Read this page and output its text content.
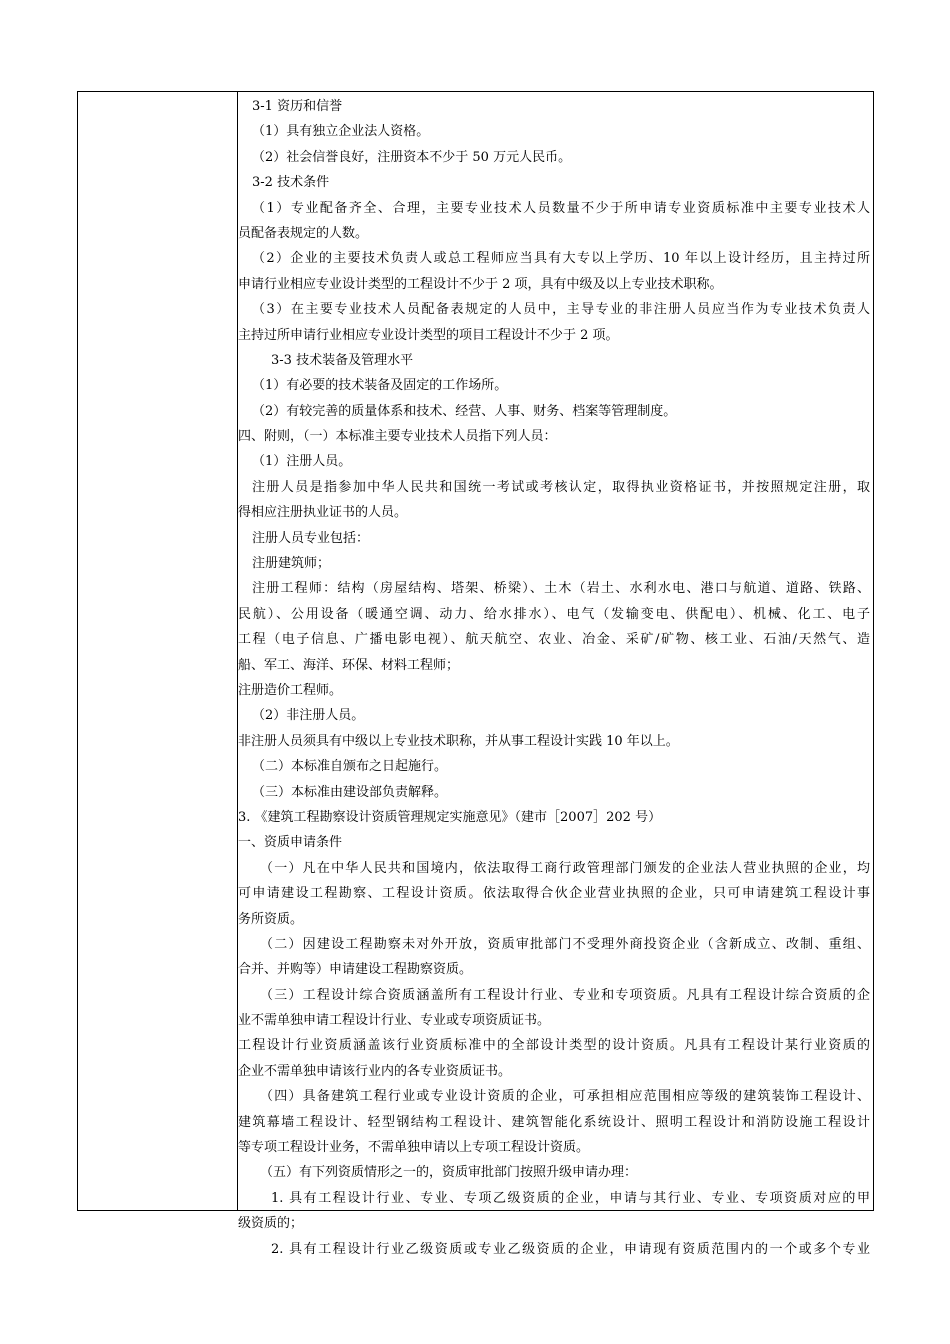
3-1 资历和信誉
（1）具有独立企业法人资格。
（2）社会信誉良好，注册资本不少于 50 万元人民币。
3-2 技术条件
（1）专业配备齐全、合理，主要专业技术人员数量不少于所申请专业资质标准中主要专业技术人
员配备表规定的人数。
（2）企业的主要技术负责人或总工程师应当具有大专以上学历、10 年以上设计经历，且主持过所
申请行业相应专业设计类型的工程设计不少于 2 项，具有中级及以上专业技术职称。
（3）在主要专业技术人员配备表规定的人员中，主导专业的非注册人员应当作为专业技术负责人
主持过所申请行业相应专业设计类型的项目工程设计不少于 2 项。
3-3 技术装备及管理水平
（1）有必要的技术装备及固定的工作场所。
（2）有较完善的质量体系和技术、经营、人事、财务、档案等管理制度。
四、附则，（一）本标准主要专业技术人员指下列人员：
（1）注册人员。
注册人员是指参加中华人民共和国统一考试或考核认定，取得执业资格证书，并按照规定注册，取
得相应注册执业证书的人员。
注册人员专业包括：
注册建筑师；
注册工程师：结构（房屋结构、塔架、桥梁）、土木（岩土、水利水电、港口与航道、道路、铁路、
民航）、公用设备（暖通空调、动力、给水排水）、电气（发输变电、供配电）、机械、化工、电子
工程（电子信息、广播电影电视）、航天航空、农业、冶金、采矿/矿物、核工业、石油/天然气、造
船、军工、海洋、环保、材料工程师；
注册造价工程师。
（2）非注册人员。
非注册人员须具有中级以上专业技术职称，并从事工程设计实践 10 年以上。
（二）本标准自颁布之日起施行。
（三）本标准由建设部负责解释。
3. 《建筑工程勘察设计资质管理规定实施意见》（建市［2007］202 号）
一、资质申请条件
（一）凡在中华人民共和国境内，依法取得工商行政管理部门颁发的企业法人营业执照的企业，均
可申请建设工程勘察、工程设计资质。依法取得合伙企业营业执照的企业，只可申请建筑工程设计事
务所资质。
（二）因建设工程勘察未对外开放，资质审批部门不受理外商投资企业（含新成立、改制、重组、
合并、并购等）申请建设工程勘察资质。
（三）工程设计综合资质涵盖所有工程设计行业、专业和专项资质。凡具有工程设计综合资质的企
业不需单独申请工程设计行业、专业或专项资质证书。
工程设计行业资质涵盖该行业资质标准中的全部设计类型的设计资质。凡具有工程设计某行业资质的
企业不需单独申请该行业内的各专业资质证书。
（四）具备建筑工程行业或专业设计资质的企业，可承担相应范围相应等级的建筑装饰工程设计、
建筑幕墙工程设计、轻型钢结构工程设计、建筑智能化系统设计、照明工程设计和消防设施工程设计
等专项工程设计业务，不需单独申请以上专项工程设计资质。
（五）有下列资质情形之一的，资质审批部门按照升级申请办理：
1. 具有工程设计行业、专业、专项乙级资质的企业，申请与其行业、专业、专项资质对应的甲
级资质的；
2. 具有工程设计行业乙级资质或专业乙级资质的企业，申请现有资质范围内的一个或多个专业
